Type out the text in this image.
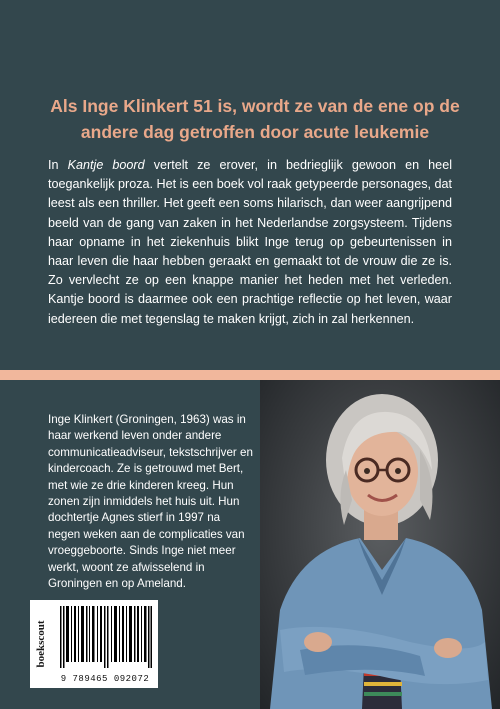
Als Inge Klinkert 51 is, wordt ze van de ene op de andere dag getroffen door acute leukemie

In Kantje boord vertelt ze erover, in bedrieglijk gewoon en heel toegankelijk proza. Het is een boek vol raak getypeerde personages, dat leest als een thriller. Het geeft een soms hilarisch, dan weer aangrijpend beeld van de gang van zaken in het Nederlandse zorgsysteem. Tijdens haar opname in het ziekenhuis blikt Inge terug op gebeurtenissen in haar leven die haar hebben geraakt en gemaakt tot de vrouw die ze is. Zo vervlecht ze op een knappe manier het heden met het verleden. Kantje boord is daarmee ook een prachtige reflectie op het leven, waar iedereen die met tegenslag te maken krijgt, zich in zal herkennen.

Inge Klinkert (Groningen, 1963) was in haar werkend leven onder andere communicatieadviseur, tekstschrijver en kindercoach. Ze is getrouwd met Bert, met wie ze drie kinderen kreeg. Hun zonen zijn inmiddels het huis uit. Hun dochtertje Agnes stierf in 1997 na negen weken aan de complicaties van vroeggeboorte. Sinds Inge niet meer werkt, woont ze afwisselend in Groningen en op Ameland.

boekscout
9 789465 092072
